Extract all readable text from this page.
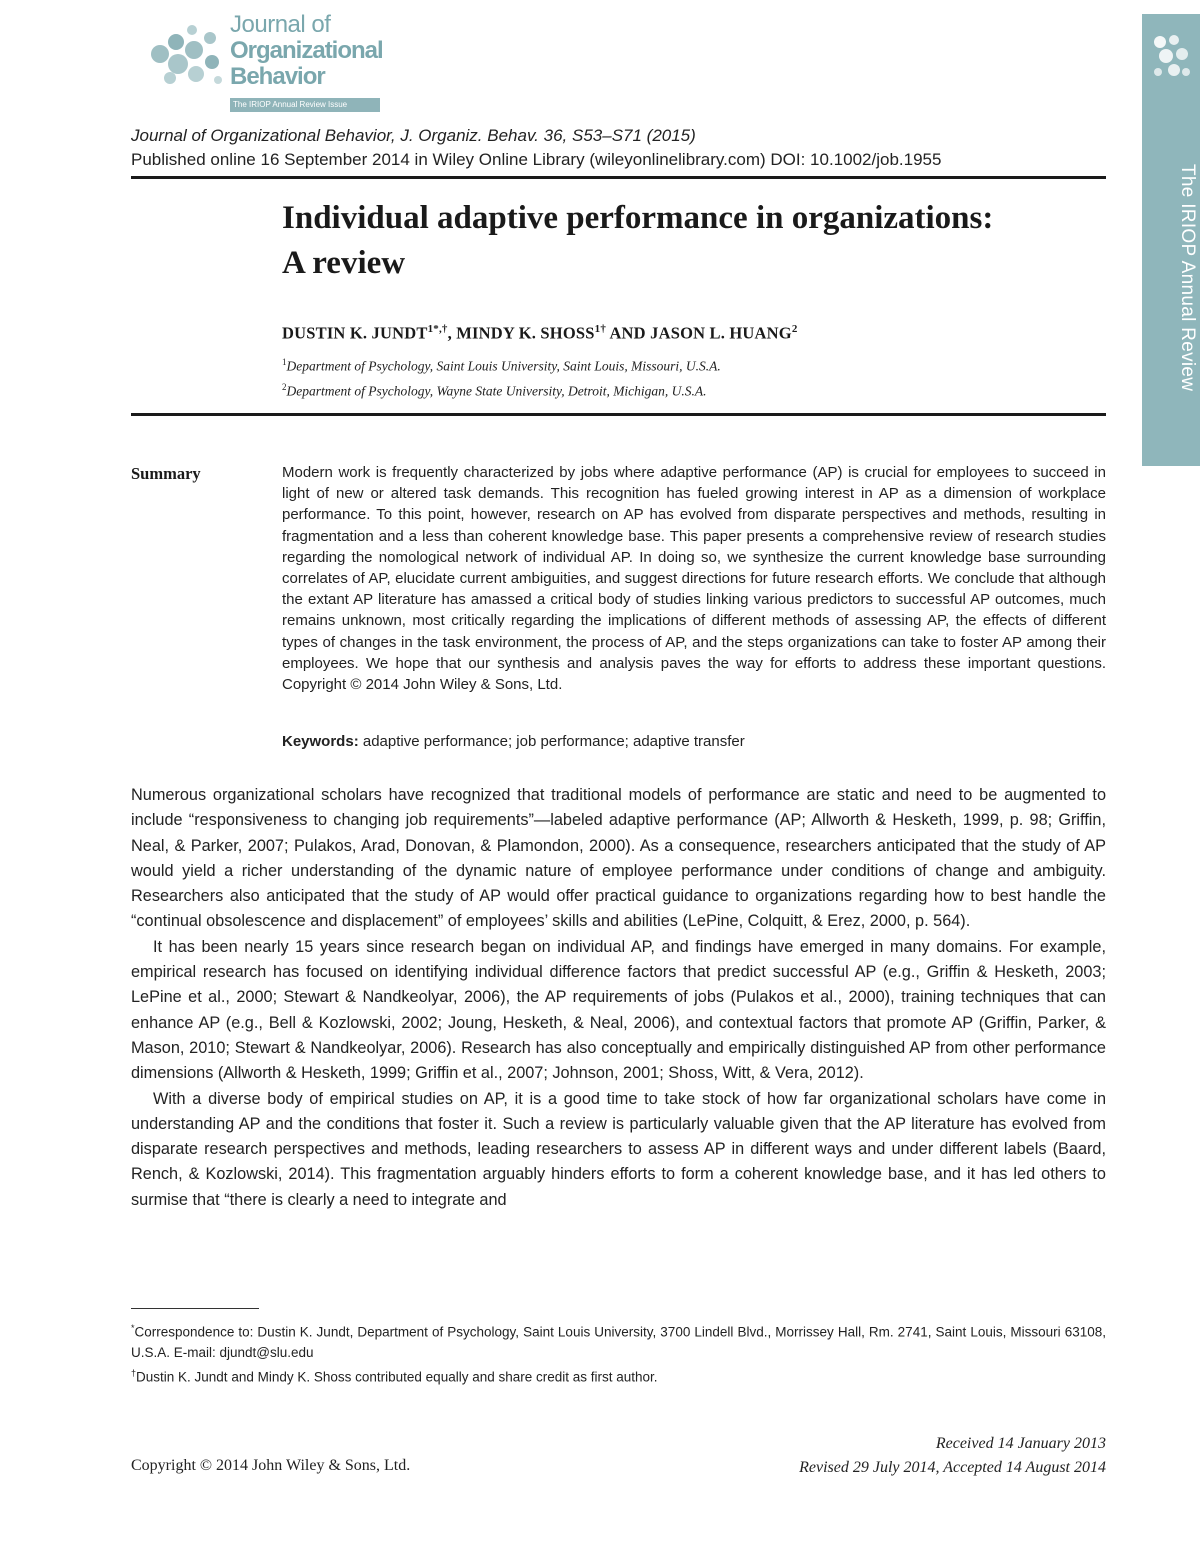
Journal of
Organizational
Behavior
The IRIOP Annual Review Issue
The IRIOP Annual Review
Journal of Organizational Behavior, J. Organiz. Behav. 36, S53–S71 (2015)
Published online 16 September 2014 in Wiley Online Library (wileyonlinelibrary.com) DOI: 10.1002/job.1955
Individual adaptive performance in organizations:
A review
DUSTIN K. $JUNDT^{1*,\dagger}$, MINDY K. $SHOSS^{1\dagger}$ AND JASON L. HUANG$^2$
$^1$Department of Psychology, Saint Louis University, Saint Louis, Missouri, U.S.A.
$^2$Department of Psychology, Wayne State University, Detroit, Michigan, U.S.A.
Summary	Modern work is frequently characterized by jobs where adaptive performance (AP) is crucial for employees to succeed in light of new or altered task demands. This recognition has fueled growing interest in AP as a dimension of workplace performance. To this point, however, research on AP has evolved from disparate perspectives and methods, resulting in fragmentation and a less than coherent knowledge base. This paper presents a comprehensive review of research studies regarding the nomological network of individual AP. In doing so, we synthesize the current knowledge base surrounding correlates of AP, elucidate current ambiguities, and suggest directions for future research efforts. We conclude that although the extant AP literature has amassed a critical body of studies linking various predictors to successful AP outcomes, much remains unknown, most critically regarding the implications of different methods of assessing AP, the effects of different types of changes in the task environment, the process of AP, and the steps organizations can take to foster AP among their employees. We hope that our synthesis and analysis paves the way for efforts to address these important questions. Copyright © 2014 John Wiley & Sons, Ltd.
Keywords: adaptive performance; job performance; adaptive transfer

Numerous organizational scholars have recognized that traditional models of performance are static and need to be augmented to include “responsiveness to changing job requirements”—labeled adaptive performance (AP; Allworth & Hesketh, 1999, p. 98; Griffin, Neal, & Parker, 2007; Pulakos, Arad, Donovan, & Plamondon, 2000). As a consequence, researchers anticipated that the study of AP would yield a richer understanding of the dynamic nature of employee performance under conditions of change and ambiguity. Researchers also anticipated that the study of AP would offer practical guidance to organizations regarding how to best handle the “continual obsolescence and displacement” of employees’ skills and abilities (LePine, Colquitt, & Erez, 2000, p. 564).

It has been nearly 15 years since research began on individual AP, and findings have emerged in many domains. For example, empirical research has focused on identifying individual difference factors that predict successful AP (e.g., Griffin & Hesketh, 2003; LePine et al., 2000; Stewart & Nandkeolyar, 2006), the AP requirements of jobs (Pulakos et al., 2000), training techniques that can enhance AP (e.g., Bell & Kozlowski, 2002; Joung, Hesketh, & Neal, 2006), and contextual factors that promote AP (Griffin, Parker, & Mason, 2010; Stewart & Nandkeolyar, 2006). Research has also conceptually and empirically distinguished AP from other performance dimensions (Allworth & Hesketh, 1999; Griffin et al., 2007; Johnson, 2001; Shoss, Witt, & Vera, 2012).

With a diverse body of empirical studies on AP, it is a good time to take stock of how far organizational scholars have come in understanding AP and the conditions that foster it. Such a review is particularly valuable given that the AP literature has evolved from disparate research perspectives and methods, leading researchers to assess AP in different ways and under different labels (Baard, Rench, & Kozlowski, 2014). This fragmentation arguably hinders efforts to form a coherent knowledge base, and it has led others to surmise that “there is clearly a need to integrate and

*Correspondence to: Dustin K. Jundt, Department of Psychology, Saint Louis University, 3700 Lindell Blvd., Morrissey Hall, Rm. 2741, Saint Louis, Missouri 63108, U.S.A. E-mail: djundt@slu.edu

†Dustin K. Jundt and Mindy K. Shoss contributed equally and share credit as first author.

Copyright © 2014 John Wiley & Sons, Ltd.
Received 14 January 2013
Revised 29 July 2014, Accepted 14 August 2014
